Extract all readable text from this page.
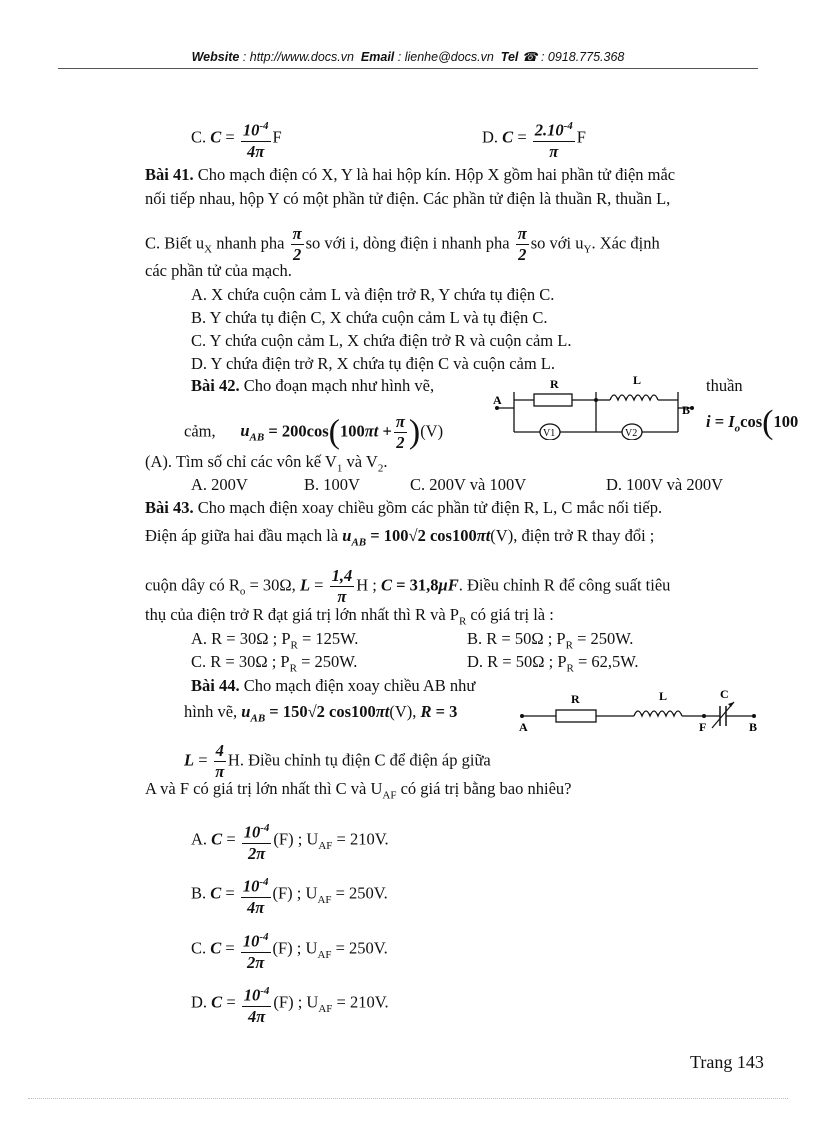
Website : http://www.docs.vn Email : lienhe@docs.vn Tel ☎ : 0918.775.368
C. $C = \frac{10^{-4}}{4\pi}$ F	D. $C = \frac{2.10^{-4}}{\pi}$ F
Bài 41. Cho mạch điện có X, Y là hai hộp kín. Hộp X gồm hai phần tử điện mắc
nối tiếp nhau, hộp Y có một phần tử điện. Các phần tử điện là thuần R, thuần L,
C. Biết $u_X$ nhanh pha $\frac{\pi}{2}$ so với i, dòng điện i nhanh pha $\frac{\pi}{2}$ so với $u_Y$. Xác định
các phần tử của mạch.
A. X chứa cuộn cảm L và điện trở R, Y chứa tụ điện C.
B. Y chứa tụ điện C, X chứa cuộn cảm L và tụ điện C.
C. Y chứa cuộn cảm L, X chứa điện trở R và cuộn cảm L.
D. Y chứa điện trở R, X chứa tụ điện C và cuộn cảm L.
Bài 42. Cho đoạn mạch như hình vẽ,	thuần
cảm, $u_{AB} = 200\cos(100\pi t + \frac{\pi}{2} )(V)$	$i = I_o\cos(100$
A
R	L
B
V1	V2
(A). Tìm số chỉ các vôn kế $V_1$ và $V_2$.
A. 200V	B. 100V	C. 200V và 100V	D. 100V và 200V
Bài 43. Cho mạch điện xoay chiều gồm các phần tử điện R, L, C mắc nối tiếp.
Điện áp giữa hai đầu mạch là $u_{AB} = 100√2$ cos100πt(V), điện trở R thay đổi ;
cuộn dây có $R_o = 30\Omega$, $L = \frac{1,4}{\pi}$ H ; C = 31,8μF. Điều chỉnh R để công suất tiêu
thụ của điện trở R đạt giá trị lớn nhất thì R và $P_R$ có giá trị là :
A. R = 30Ω ; $P_R = 125W$.	B. R = 50Ω ; $P_R = 250W$.
C. R = 30Ω ; $P_R = 250W$.	D. R = 50Ω ; $P_R = 62,5W$.
Bài 44. Cho mạch điện xoay chiều AB như
hình vẽ, $u_{AB} = 150√2$ cos100πt(V), R = 3
A
R	L
F
C
B
$L = \frac{4}{\pi} H$. Điều chỉnh tụ điện C để điện áp giữa
A và F có giá trị lớn nhất thì C và $U_{AF}$ có giá trị bằng bao nhiêu?
A. $C = \frac{10^{-4}}{2\pi} (F)$ ; $U_{AF} = 210V$.
B. $C = \frac{10^{-4}}{4\pi} (F)$ ; $U_{AF} = 250V$.
C. $C = \frac{10^{-4}}{2\pi} (F)$ ; $U_{AF} = 250V$.
D. $C = \frac{10^{-4}}{4\pi} (F)$ ; $U_{AF} = 210V$.
Trang 143
